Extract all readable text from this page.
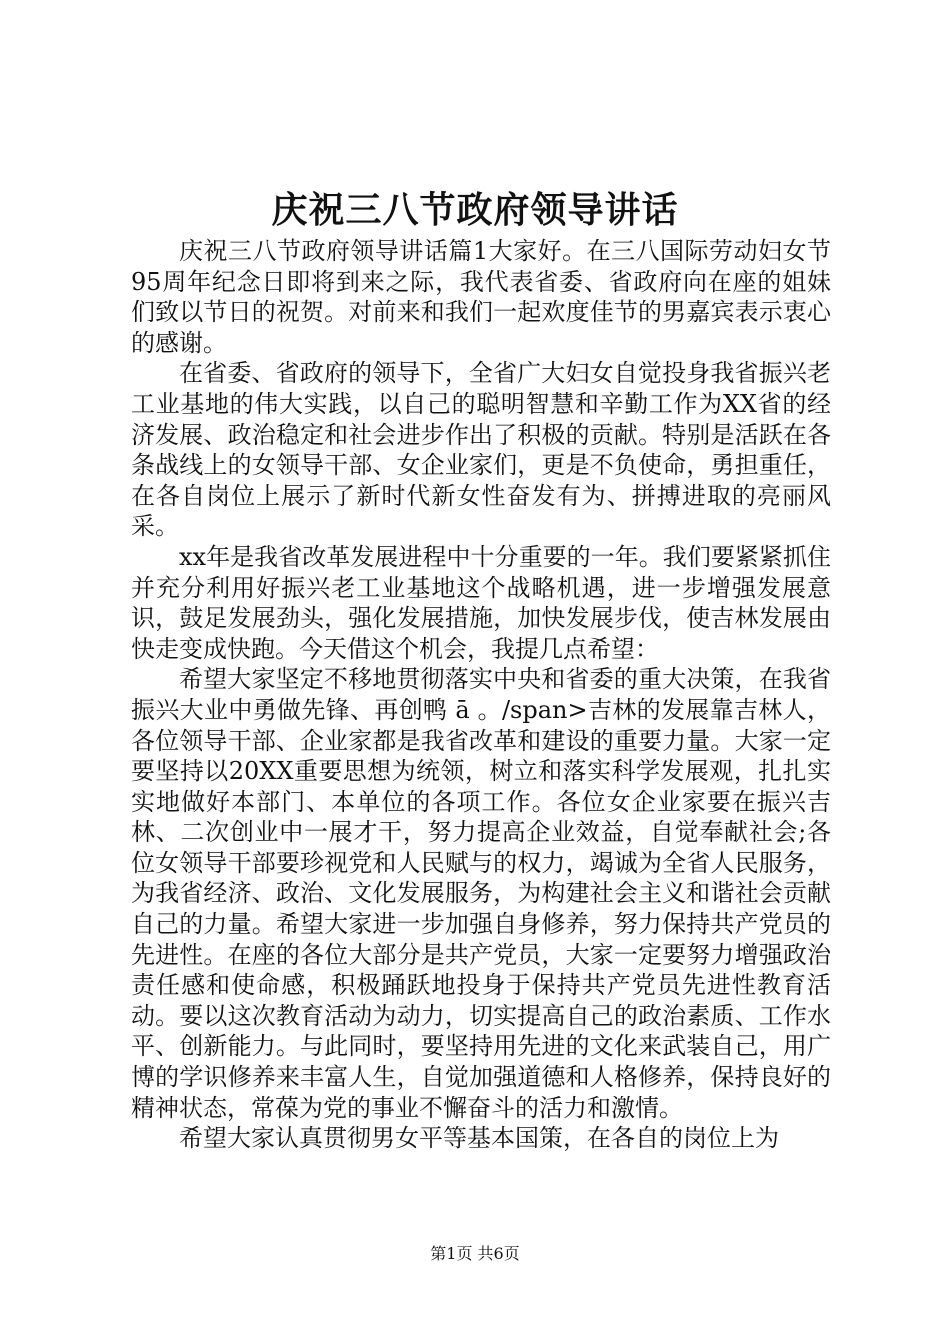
庆祝三八节政府领导讲话

庆祝三八节政府领导讲话篇1大家好。在三八国际劳动妇女节95周年纪念日即将到来之际，我代表省委、省政府向在座的姐妹们致以节日的祝贺。对前来和我们一起欢度佳节的男嘉宾表示衷心的感谢。

在省委、省政府的领导下，全省广大妇女自觉投身我省振兴老工业基地的伟大实践，以自己的聪明智慧和辛勤工作为XX省的经济发展、政治稳定和社会进步作出了积极的贡献。特别是活跃在各条战线上的女领导干部、女企业家们，更是不负使命，勇担重任，在各自岗位上展示了新时代新女性奋发有为、拼搏进取的亮丽风采。

xx年是我省改革发展进程中十分重要的一年。我们要紧紧抓住并充分利用好振兴老工业基地这个战略机遇，进一步增强发展意识，鼓足发展劲头，强化发展措施，加快发展步伐，使吉林发展由快走变成快跑。今天借这个机会，我提几点希望：

希望大家坚定不移地贯彻落实中央和省委的重大决策，在我省振兴大业中勇做先锋、再创鸭 ā 。/span>吉林的发展靠吉林人，各位领导干部、企业家都是我省改革和建设的重要力量。大家一定要坚持以20XX重要思想为统领，树立和落实科学发展观，扎扎实实地做好本部门、本单位的各项工作。各位女企业家要在振兴吉林、二次创业中一展才干，努力提高企业效益，自觉奉献社会;各位女领导干部要珍视党和人民赋与的权力，竭诚为全省人民服务，为我省经济、政治、文化发展服务，为构建社会主义和谐社会贡献自己的力量。希望大家进一步加强自身修养，努力保持共产党员的先进性。在座的各位大部分是共产党员，大家一定要努力增强政治责任感和使命感，积极踊跃地投身于保持共产党员先进性教育活动。要以这次教育活动为动力，切实提高自己的政治素质、工作水平、创新能力。与此同时，要坚持用先进的文化来武装自己，用广博的学识修养来丰富人生，自觉加强道德和人格修养，保持良好的精神状态，常葆为党的事业不懈奋斗的活力和激情。

希望大家认真贯彻男女平等基本国策，在各自的岗位上为

第1页 共6页
